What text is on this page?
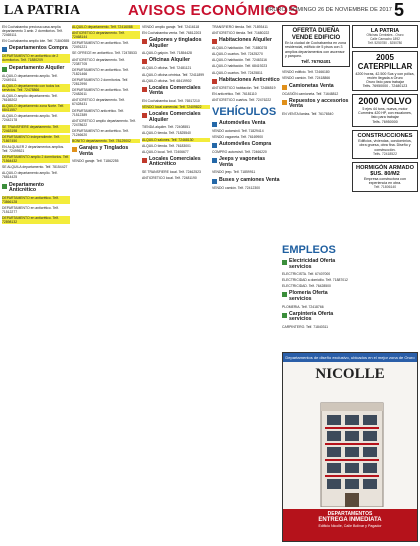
LA PATRIA	AVISOS ECONÓMICOS
ORURO, DOMINGO 26 DE NOVIEMBRE DE 2017 5
EN Cochabamba preciosa casa amplia departamento 3 amb. 2 dormitorios. Telf. 72465111
EN Cochabamba amplio lote. Telf. 71840555
Departamentos Compra
DEPARTAMENTO en anticrético de 2 dormitorios. Telf. 71880209
Departamento Alquiler
ALQUILO departamento amplio. Telf. 72449111
ALQUILO departamento con todos los servicios. Telf. 72478866
ALQUILO amplio departamento. Telf. 76165202
ALQUILO departamento zona Norte. Telf. 68411557
ALQUILO departamento amplio. Telf. 72442178
SE TRANSFIERE departamento. Telf. 72463198
DEPARTAMENTO independiente. Telf. 71867450
EN ALQUILER 2 departamentos amplios. Telf. 72499521
DEPARTAMENTO amplio 2 dormitorios. Telf. 71564432
SE ALQUILA departamento. Telf. 78154427
ALQUILO departamento amplio. Telf. 76814425
Departamento Anticrético
DEPARTAMENTO en anticrético. Telf. 73866128
DEPARTAMENTO en anticrético. Telf. 71512277
DEPARTAMENTO en anticrético. Telf. 72898132
ALQUILO departamento. Telf. 72416088
ANTICRETICO departamento. Telf. 72468144
DEPARTAMENTO en anticrético. Telf. 72491221
SE OFRECE en anticrético. Telf. 72478533
ANTICRETICO departamento. Telf. 72387705
DEPARTAMENTO en anticrético. Telf. 71821466
DEPARTAMENTO 2 dormitorios. Telf. 72812990
DEPARTAMENTO en anticrético. Telf. 72482611
ANTICRETICO departamento. Telf. 67428431
DEPARTAMENTO anticrético. Telf. 71512389
ANTICRETICO amplio departamento. Telf. 72478622
DEPARTAMENTO en anticrético. Telf. 71246620
BONITO departamento. Telf. 78129002
Garajes y Tinglados Venta
VENDO garaje. Telf. 71862255
VENDO amplio garaje. Telf. 72416118
EN Cochabamba venta. Telf. 76812203
Galpones y tinglados Alquiler
ALQUILO galpón. Telf. 71854428
Oficinas Alquiler
ALQUILO oficina. Telf. 72481121
ALQUILO oficina céntrica. Telf. 72411899
ALQUILO oficina. Telf. 68419902
Locales Comerciales Venta
EN Cochabamba local. Telf. 76517210
VENDO local comercial. Telf. 72409822
Locales Comerciales Alquiler
TIENDA alquiler. Telf. 72408551
ALQUILO tienda. Telf. 71825540
ALQUILO salones. Telf. 72468130
ALQUILO tienda. Telf. 76183001
ALQUILO local. Telf. 72406677
Locales Comerciales Anticrético
SE TRANSFIERE local. Telf. 72462523
ANTICRETICO local. Telf. 72481190
TRANSFIERO tienda. Telf. 71893411
ANTICRETICO tienda. Telf. 71680222
Habitaciones Alquiler
ALQUILO habitación. Telf. 71880278
ALQUILO cuartos. Telf. 72425270
ALQUILO habitación. Telf. 72463116
ALQUILO habitación. Telf. 68419223
ALQUILO cuartos. Telf. 72425811
Habitaciones Anticrético
ANTICRETICO habitación. Telf. 72486519
EN anticrético. Telf. 76181110
ANTICRETICO cuartos. Telf. 72476222
VEHÍCULOS
Automóviles Venta
VENDO automóvil. Telf. 71829414
VENDO vagoneta. Telf. 76169900
Automóviles Compra
COMPRO automóvil. Telf. 72466220
Jeeps y vagonetas Venta
VENDO jeep. Telf. 71859911
Buses y camiones Venta
VENDO camión. Telf. 72412300
OFERTA DUEÑA VENDE EDIFICIO
En la ciudad de Cochabamba en zona residencial, edificio de 5 pisos con 3 amplios departamentos con ascensor y parqueo.
Telf. 76792401
VENDO edificio. Telf. 72466180
VENDO camión. Telf. 72418866
Camionetas Venta
OCASIÓN camioneta. Telf. 71648812
Repuestos y accesorios Venta
EN VENTA llantas. Telf. 76176540
EMPLEOS
Electricidad Oferta servicios
ELECTRICISTA. Telf. 67407000
ELECTRICIDAD a domicilio. Telf. 71887012
ELECTRICIDAD. Telf. 76428500
Plomería Oferta servicios
PLOMERIA. Telf. 72418766
Carpintería Oferta servicios
CARPINTERO. Telf. 71840311
LA PATRIA
Oficinas Centrales - Oruro
Calle Camacho 1892
Telf. 5250780 - 5250780
2005
CATERPILLAR
4200 horas, 42.500 Sus y con póliza, recién llegada a Oruro
Oruro listo para trabajar
Telfs. 76950000 - 72480123
2000 VOLVO
5 ejes 44 tons, nueva, motor Cummins 420 HP, con escalones, listo para trabajar
Telfs. 76950000
CONSTRUCCIONES
Edificios, viviendas, condominios, obra gruesa, obra fina. Diseño y construcción.
Telfs. 72418522
HORMIGÓN ARMADO $US. 80/M2
Empresa constructora con experiencia en obra.
Telf. 71806140
Departamentos de diseño exclusivo, ubicados en el mejor zona de Oruro
NICOLLE
DEPARTAMENTOS
ENTREGA INMEDIATA
Edificio Nicolle, Calle Bolívar y Pagador
